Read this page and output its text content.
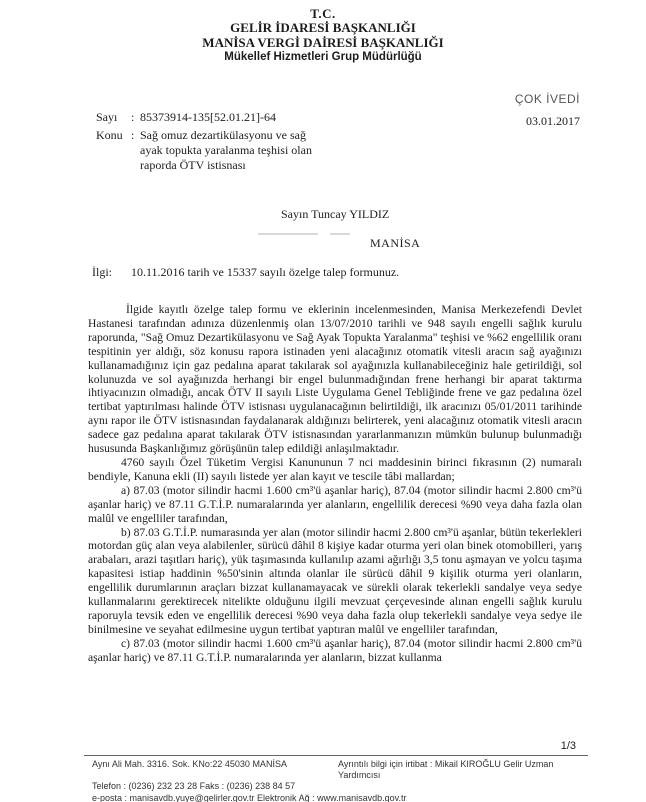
T.C.
GELİR İDARESİ BAŞKANLIĞI
MANİSA VERGİ DAİRESİ BAŞKANLIĞI
Mükellef Hizmetleri Grup Müdürlüğü
ÇOK İVEDİ
03.01.2017
Sayı : 85373914-135[52.01.21]-64
Konu : Sağ omuz dezartikülasyonu ve sağ
ayak topukta yaralanma teşhisi olan
raporda ÖTV istisnası
Sayın Tuncay YILDIZ
MANİSA
İlgi: 10.11.2016 tarih ve 15337 sayılı özelge talep formunuz.

İlgide kayıtlı özelge talep formu ve eklerinin incelenmesinden, Manisa Merkezefendi Devlet Hastanesi tarafından adınıza düzenlenmiş olan 13/07/2010 tarihli ve 948 sayılı engelli sağlık kurulu raporunda, "Sağ Omuz Dezartikülasyonu ve Sağ Ayak Topukta Yaralanma" teşhisi ve %62 engellilik oranı tespitinin yer aldığı, söz konusu rapora istinaden yeni alacağınız otomatik vitesli aracın sağ ayağınızı kullanamadığınız için gaz pedalına aparat takılarak sol ayağınızla kullanabileceğiniz hale getirildiği, sol kolunuzda ve sol ayağınızda herhangi bir engel bulunmadığından frene herhangi bir aparat taktırma ihtiyacınızın olmadığı, ancak ÖTV II sayılı Liste Uygulama Genel Tebliğinde frene ve gaz pedalına özel tertibat yaptırılması halinde ÖTV istisnası uygulanacağının belirtildiği, ilk aracınızı 05/01/2011 tarihinde aynı rapor ile ÖTV istisnasından faydalanarak aldığınızı belirterek, yeni alacağınız otomatik vitesli aracın sadece gaz pedalına aparat takılarak ÖTV istisnasından yararlanmanızın mümkün bulunup bulunmadığı hususunda Başkanlığımız görüşünün talep edildiği anlaşılmaktadır.

4760 sayılı Özel Tüketim Vergisi Kanununun 7 nci maddesinin birinci fıkrasının (2) numaralı bendiyle, Kanuna ekli (II) sayılı listede yer alan kayıt ve tescile tâbi mallardan;

a) 87.03 (motor silindir hacmi 1.600 cm³'ü aşanlar hariç), 87.04 (motor silindir hacmi 2.800 cm³'ü aşanlar hariç) ve 87.11 G.T.İ.P. numaralarında yer alanların, engellilik derecesi %90 veya daha fazla olan malûl ve engelliler tarafından,

b) 87.03 G.T.İ.P. numarasında yer alan (motor silindir hacmi 2.800 cm³'ü aşanlar, bütün tekerlekleri motordan güç alan veya alabilenler, sürücü dâhil 8 kişiye kadar oturma yeri olan binek otomobilleri, yarış arabaları, arazi taşıtları hariç), yük taşımasında kullanılıp azami ağırlığı 3,5 tonu aşmayan ve yolcu taşıma kapasitesi istiap haddinin %50'sinin altında olanlar ile sürücü dâhil 9 kişilik oturma yeri olanların, engellilik durumlarının araçları bizzat kullanamayacak ve sürekli olarak tekerlekli sandalye veya sedye kullanmalarını gerektirecek nitelikte olduğunu ilgili mevzuat çerçevesinde alınan engelli sağlık kurulu raporuyla tevsik eden ve engellilik derecesi %90 veya daha fazla olup tekerlekli sandalye veya sedye ile binilmesine ve seyahat edilmesine uygun tertibat yaptıran malûl ve engelliler tarafından,

c) 87.03 (motor silindir hacmi 1.600 cm³'ü aşanlar hariç), 87.04 (motor silindir hacmi 2.800 cm³'ü aşanlar hariç) ve 87.11 G.T.İ.P. numaralarında yer alanların, bizzat kullanma

1/3
Aynı Ali Mah. 3316. Sok. KNo:22 45030 MANİSA	Ayrıntılı bilgi için irtibat : Mikail KIROĞLU Gelir Uzman Yardımcısı
Telefon : (0236) 232 23 28 Faks : (0236) 238 84 57
e-posta : manisavdb.yuye@gelirler.gov.tr Elektronik Ağ : www.manisavdb.gov.tr
